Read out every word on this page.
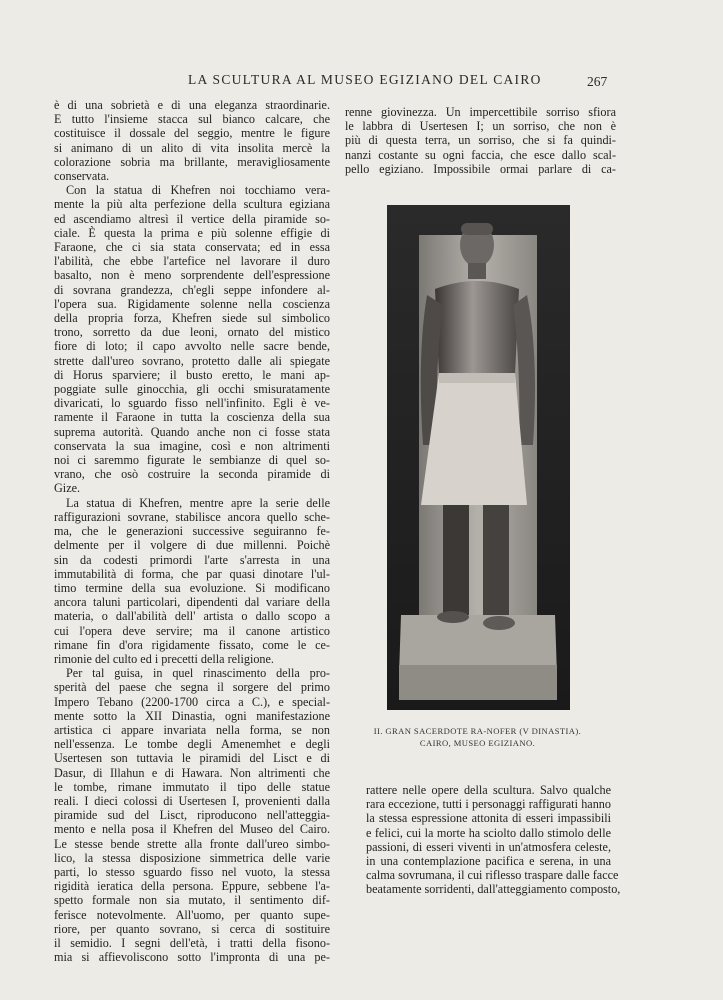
LA SCULTURA AL MUSEO EGIZIANO DEL CAIRO	267
è di una sobrietà e di una eleganza straordinarie.
E tutto l'insieme stacca sul bianco calcare, che
costituisce il dossale del seggio, mentre le figure
si animano di un alito di vita insolita mercè la
colorazione sobria ma brillante, meravigliosamente
conservata.
Con la statua di Khefren noi tocchiamo vera-
mente la più alta perfezione della scultura egiziana
ed ascendiamo altresì il vertice della piramide so-
ciale. È questa la prima e più solenne effigie di
Faraone, che ci sia stata conservata; ed in essa
l'abilità, che ebbe l'artefice nel lavorare il duro
basalto, non è meno sorprendente dell'espressione
di sovrana grandezza, ch'egli seppe infondere al-
l'opera sua. Rigidamente solenne nella coscienza
della propria forza, Khefren siede sul simbolico
trono, sorretto da due leoni, ornato del mistico
fiore di loto; il capo avvolto nelle sacre bende,
strette dall'ureo sovrano, protetto dalle ali spiegate
di Horus sparviere; il busto eretto, le mani ap-
poggiate sulle ginocchia, gli occhi smisuratamente
divaricati, lo sguardo fisso nell'infinito. Egli è ve-
ramente il Faraone in tutta la coscienza della sua
suprema autorità. Quando anche non ci fosse stata
conservata la sua imagine, così e non altrimenti
noi ci saremmo figurate le sembianze di quel so-
vrano, che osò costruire la seconda piramide di
Gize.
La statua di Khefren, mentre apre la serie delle
raffigurazioni sovrane, stabilisce ancora quello sche-
ma, che le generazioni successive seguiranno fe-
delmente per il volgere di due millenni. Poichè
sin da codesti primordi l'arte s'arresta in una
immutabilità di forma, che par quasi dinotare l'ul-
timo termine della sua evoluzione. Si modificano
ancora taluni particolari, dipendenti dal variare della
materia, o dall'abilità dell' artista o dallo scopo a
cui l'opera deve servire; ma il canone artistico
rimane fin d'ora rigidamente fissato, come le ce-
rimonie del culto ed i precetti della religione.
Per tal guisa, in quel rinascimento della pro-
sperità del paese che segna il sorgere del primo
Impero Tebano (2200-1700 circa a C.), e special-
mente sotto la XII Dinastia, ogni manifestazione
artistica ci appare invariata nella forma, se non
nell'essenza. Le tombe degli Amenemhet e degli
Usertesen son tuttavia le piramidi del Lisct e di
Dasur, di Illahun e di Hawara. Non altrimenti che
le tombe, rimane immutato il tipo delle statue
reali. I dieci colossi di Usertesen I, provenienti dalla
piramide sud del Lisct, riproducono nell'atteggia-
mento e nella posa il Khefren del Museo del Cairo.
Le stesse bende strette alla fronte dall'ureo simbo-
lico, la stessa disposizione simmetrica delle varie
parti, lo stesso sguardo fisso nel vuoto, la stessa
rigidità ieratica della persona. Eppure, sebbene l'a-
spetto formale non sia mutato, il sentimento dif-
ferisce notevolmente. All'uomo, per quanto supe-
riore, per quanto sovrano, si cerca di sostituire
il semidio. I segni dell'età, i tratti della fisono-
mia si affievoliscono sotto l'impronta di una pe-
renne giovinezza. Un impercettibile sorriso sfiora
le labbra di Usertesen I; un sorriso, che non è
più di questa terra, un sorriso, che si fa quindi-
nanzi costante su ogni faccia, che esce dallo scal-
pello egiziano. Impossibile ormai parlare di ca-
II. GRAN SACERDOTE RA-NOFER (V DINASTIA).
CAIRO, MUSEO EGIZIANO.
rattere nelle opere della scultura. Salvo qualche
rara eccezione, tutti i personaggi raffigurati hanno
la stessa espressione attonita di esseri impassibili
e felici, cui la morte ha sciolto dallo stimolo delle
passioni, di esseri viventi in un'atmosfera celeste,
in una contemplazione pacifica e serena, in una
calma sovrumana, il cui riflesso traspare dalle facce
beatamente sorridenti, dall'atteggiamento composto,
